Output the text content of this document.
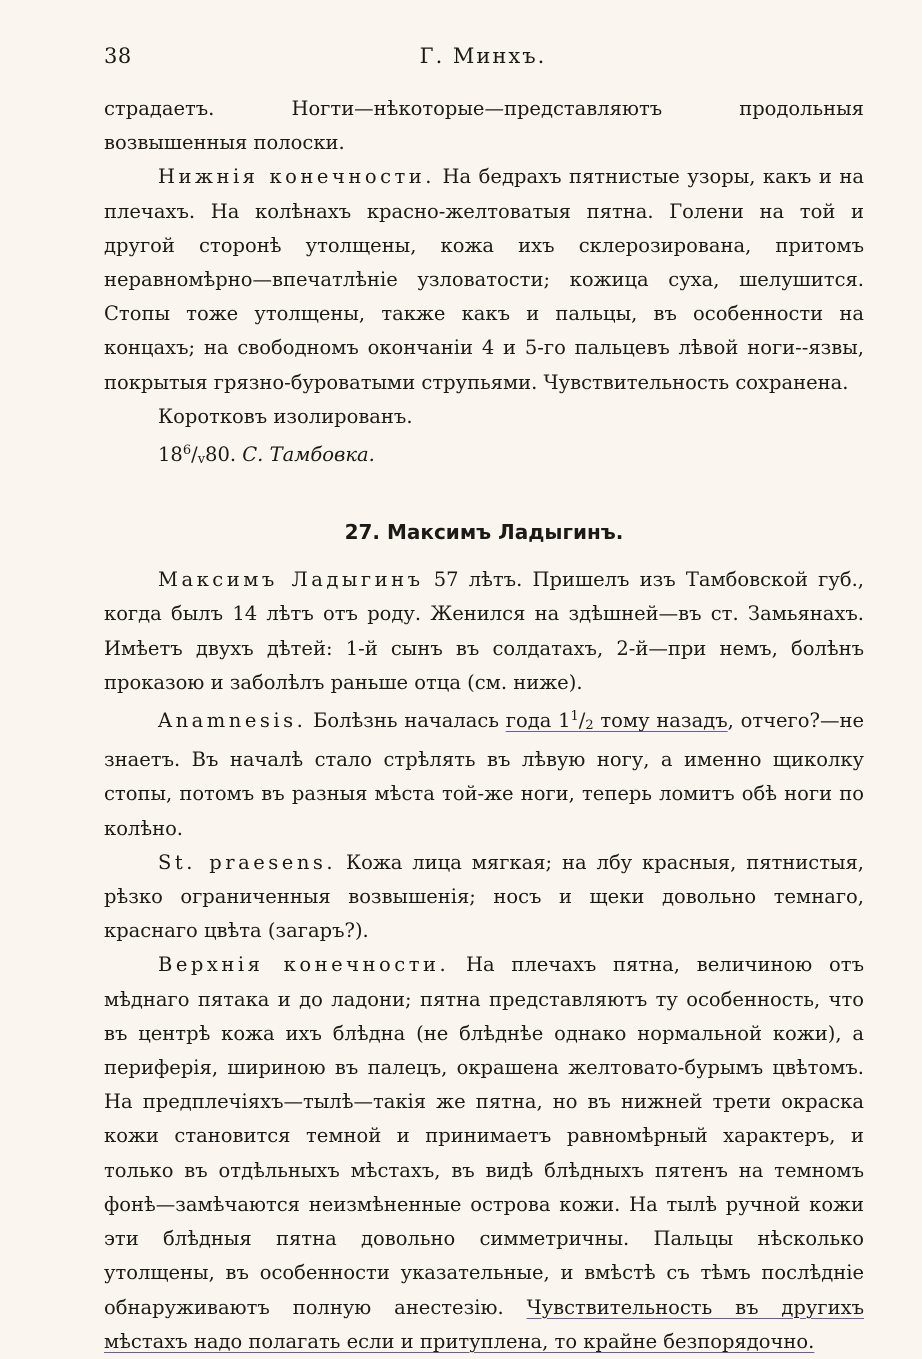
38	Г. Минхъ.

страдаетъ. Ногти—нѣкоторые—представляютъ продольныя возвышенныя полоски.

Нижнія конечности. На бедрахъ пятнистые узоры, какъ и на плечахъ. На колѣнахъ красно-желтоватыя пятна. Голени на той и другой сторонѣ утолщены, кожа ихъ склерозирована, притомъ неравномѣрно—впечатлѣніе узловатости; кожица суха, шелушится. Стопы тоже утолщены, также какъ и пальцы, въ особенности на концахъ; на свободномъ окончаніи 4 и 5-го пальцевъ лѣвой ноги--язвы, покрытыя грязно-буроватыми струпьями. Чувствительность сохранена.

Коротковъ изолированъ.

$18^6/v80$. С. Тамбовка.

27. Максимъ Ладыгинъ.

Максимъ Ладыгинъ 57 лѣтъ. Пришелъ изъ Тамбовской губ., когда былъ 14 лѣтъ отъ роду. Женился на здѣшней—въ ст. Замьянахъ. Имѣетъ двухъ дѣтей: 1-й сынъ въ солдатахъ, 2-й—при немъ, болѣнъ проказою и заболѣлъ раньше отца (см. ниже).

Anamnesis. Болѣзнь началась года $1^1/2$ тому назадъ, отчего?—не знаетъ. Въ началѣ стало стрѣлять въ лѣвую ногу, а именно щиколку стопы, потомъ въ разныя мѣста той-же ноги, теперь ломитъ обѣ ноги по колѣно.

St. praesens. Кожа лица мягкая; на лбу красныя, пятнистыя, рѣзко ограниченныя возвышенія; носъ и щеки довольно темнаго, краснаго цвѣта (загаръ?).

Верхнія конечности. На плечахъ пятна, величиною отъ мѣднаго пятака и до ладони; пятна представляютъ ту особенность, что въ центрѣ кожа ихъ блѣдна (не блѣднѣе однако нормальной кожи), а периферія, шириною въ палецъ, окрашена желтовато-бурымъ цвѣтомъ. На предплечіяхъ—тылѣ—такія же пятна, но въ нижней трети окраска кожи становится темной и принимаетъ равномѣрный характеръ, и только въ отдѣльныхъ мѣстахъ, въ видѣ блѣдныхъ пятенъ на темномъ фонѣ—замѣчаются неизмѣненные острова кожи. На тылѣ ручной кожи эти блѣдныя пятна довольно симметричны. Пальцы нѣсколько утолщены, въ особенности указательные, и вмѣстѣ съ тѣмъ послѣдніе обнаруживаютъ полную анестезію. Чувствительность въ другихъ мѣстахъ надо полагать если и притуплена, то крайне безпорядочно.
